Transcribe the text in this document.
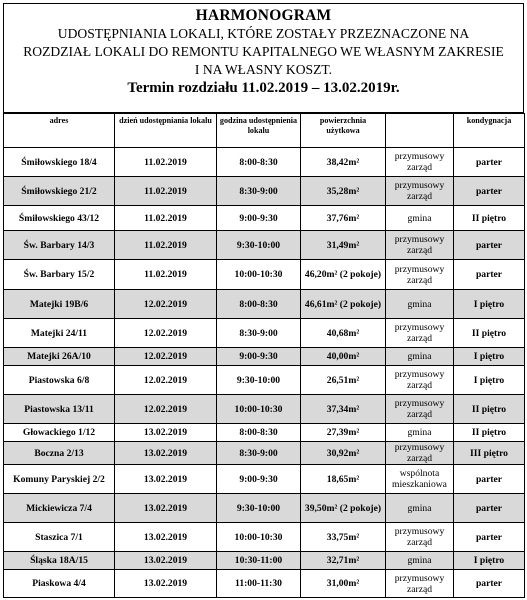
HARMONOGRAM
UDOSTĘPNIANIA LOKALI, KTÓRE ZOSTAŁY PRZEZNACZONE NA
ROZDZIAŁ LOKALI DO REMONTU KAPITALNEGO WE WŁASNYM ZAKRESIE
I NA WŁASNY KOSZT.
Termin rozdziału 11.02.2019 – 13.02.2019r.
adres	dzień udostępniania lokalu	godzina udostępnienia lokalu	powierzchnia użytkowa		kondygnacja
Śmiłowskiego 18/4	11.02.2019	8:00-8:30	38,42m²	przymusowy zarząd	parter
Śmiłowskiego 21/2	11.02.2019	8:30-9:00	35,28m²	przymusowy zarząd	parter
Śmiłowskiego 43/12	11.02.2019	9:00-9:30	37,76m²	gmina	II piętro
Św. Barbary 14/3	11.02.2019	9:30-10:00	31,49m²	przymusowy zarząd	parter
Św. Barbary 15/2	11.02.2019	10:00-10:30	46,20m² (2 pokoje)	przymusowy zarząd	parter
Matejki 19B/6	12.02.2019	8:00-8:30	46,61m² (2 pokoje)	gmina	I piętro
Matejki 24/11	12.02.2019	8:30-9:00	40,68m²	przymusowy zarząd	II piętro
Matejki 26A/10	12.02.2019	9:00-9:30	40,00m²	gmina	I piętro
Piastowska 6/8	12.02.2019	9:30-10:00	26,51m²	przymusowy zarząd	I piętro
Piastowska 13/11	12.02.2019	10:00-10:30	37,34m²	przymusowy zarząd	II piętro
Głowackiego 1/12	13.02.2019	8:00-8:30	27,39m²	gmina	II piętro
Boczna 2/13	13.02.2019	8:30-9:00	30,92m²	przymusowy zarząd	III piętro
Komuny Paryskiej 2/2	13.02.2019	9:00-9:30	18,65m²	wspólnota mieszkaniowa	parter
Mickiewicza 7/4	13.02.2019	9:30-10:00	39,50m² (2 pokoje)	gmina	parter
Staszica 7/1	13.02.2019	10:00-10:30	33,75m²	przymusowy zarząd	parter
Śląska 18A/15	13.02.2019	10:30-11:00	32,71m²	gmina	I piętro
Piaskowa 4/4	13.02.2019	11:00-11:30	31,00m²	przymusowy zarząd	parter
